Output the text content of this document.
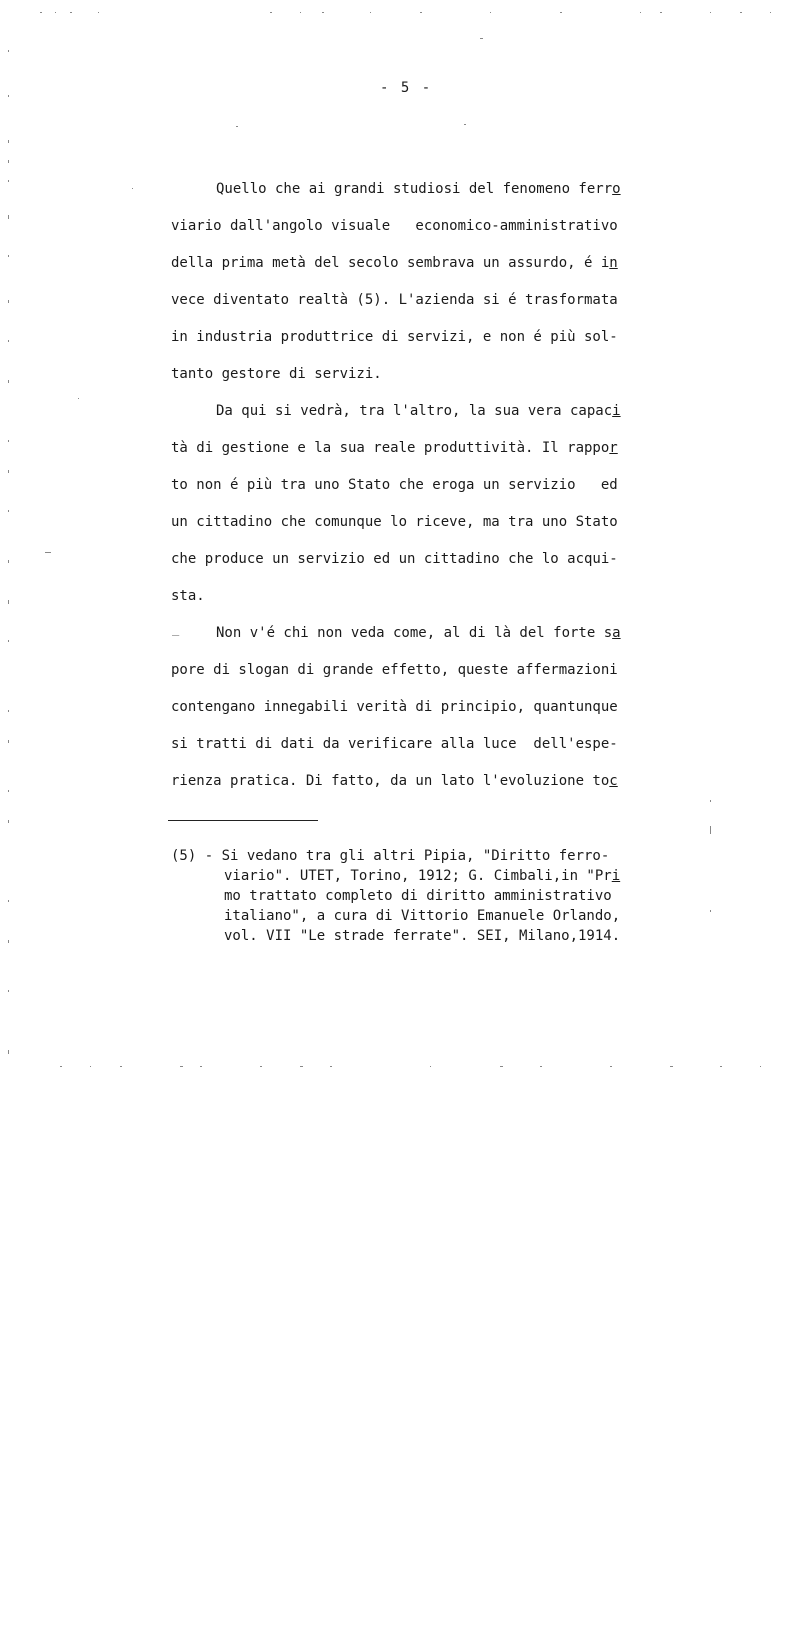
- 5 -
Quello che ai grandi studiosi del fenomeno ferro
viario dall'angolo visuale   economico-amministrativo
della prima metà del secolo sembrava un assurdo, é in
vece diventato realtà (5). L'azienda si é trasformata
in industria produttrice di servizi, e non é più sol-
tanto gestore di servizi.
Da qui si vedrà, tra l'altro, la sua vera capaci
tà di gestione e la sua reale produttività. Il rappor
to non é più tra uno Stato che eroga un servizio   ed
un cittadino che comunque lo riceve, ma tra uno Stato
che produce un servizio ed un cittadino che lo acqui-
sta.
Non v'é chi non veda come, al di là del forte sa
pore di slogan di grande effetto, queste affermazioni
contengano innegabili verità di principio, quantunque
si tratti di dati da verificare alla luce  dell'espe-
rienza pratica. Di fatto, da un lato l'evoluzione toc
_
(5) - Si vedano tra gli altri Pipia, "Diritto ferro-
viario". UTET, Torino, 1912; G. Cimbali,in "Pri
mo trattato completo di diritto amministrativo
italiano", a cura di Vittorio Emanuele Orlando,
vol. VII "Le strade ferrate". SEI, Milano,1914.
